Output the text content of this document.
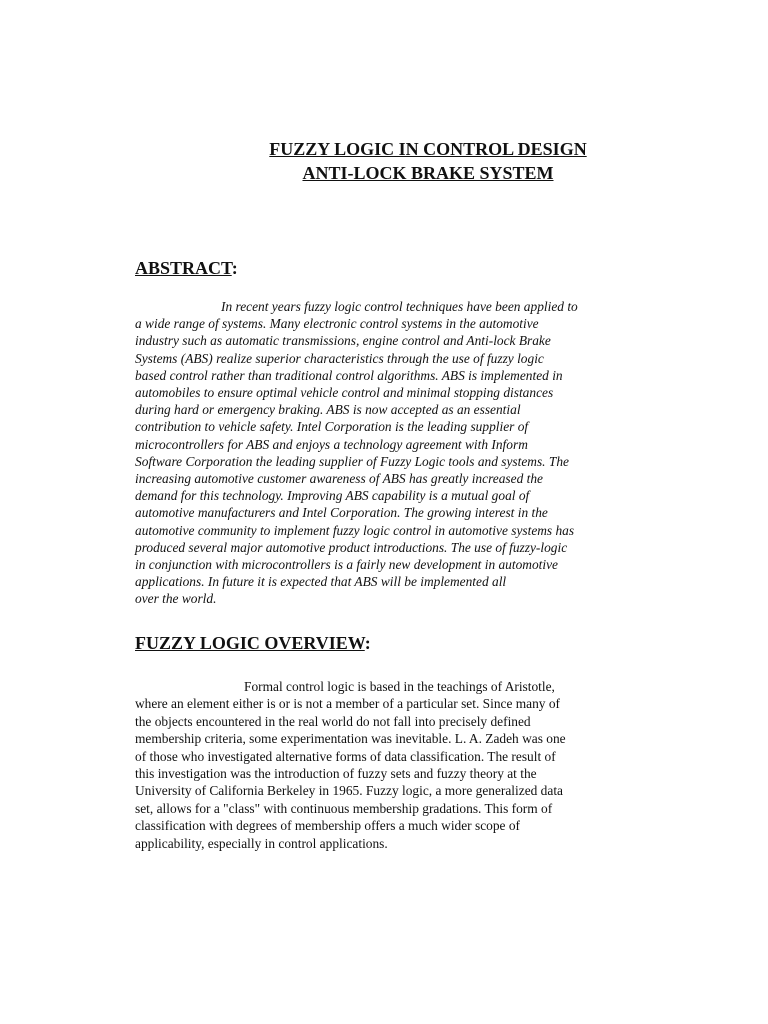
FUZZY LOGIC IN CONTROL DESIGN

ANTI-LOCK BRAKE SYSTEM

ABSTRACT:
In recent years fuzzy logic control techniques have been applied to
a wide range of systems. Many electronic control systems in the automotive
industry such as automatic transmissions, engine control and Anti-lock Brake
Systems (ABS) realize superior characteristics through the use of fuzzy logic
based control rather than traditional control algorithms. ABS is implemented in
automobiles to ensure optimal vehicle control and minimal stopping distances
during hard or emergency braking. ABS is now accepted as an essential
contribution to vehicle safety. Intel Corporation is the leading supplier of
microcontrollers for ABS and enjoys a technology agreement with Inform
Software Corporation the leading supplier of Fuzzy Logic tools and systems. The
increasing automotive customer awareness of ABS has greatly increased the
demand for this technology. Improving ABS capability is a mutual goal of
automotive manufacturers and Intel Corporation. The growing interest in the
automotive community to implement fuzzy logic control in automotive systems has
produced several major automotive product introductions. The use of fuzzy-logic
in conjunction with microcontrollers is a fairly new development in automotive
applications. In future it is expected that ABS will be implemented all
over the world.
FUZZY LOGIC OVERVIEW:
Formal control logic is based in the teachings of Aristotle,
where an element either is or is not a member of a particular set. Since many of
the objects encountered in the real world do not fall into precisely defined
membership criteria, some experimentation was inevitable. L. A. Zadeh was one
of those who investigated alternative forms of data classification. The result of
this investigation was the introduction of fuzzy sets and fuzzy theory at the
University of California Berkeley in 1965. Fuzzy logic, a more generalized data
set, allows for a "class" with continuous membership gradations. This form of
classification with degrees of membership offers a much wider scope of
applicability, especially in control applications.
